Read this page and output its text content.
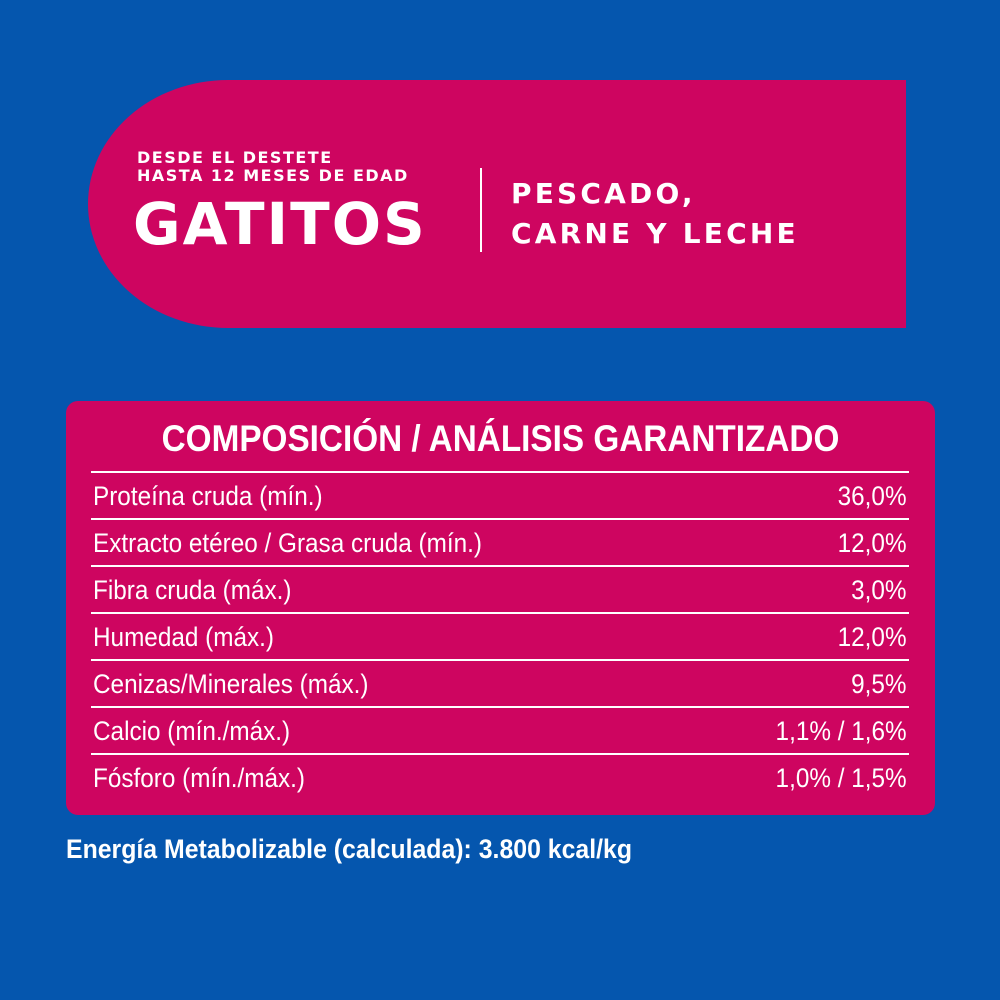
DESDE EL DESTETE
HASTA 12 MESES DE EDAD
GATITOS	PESCADO,
CARNE Y LECHE
COMPOSICIÓN / ANÁLISIS GARANTIZADO
Proteína cruda (mín.)	36,0%
Extracto etéreo / Grasa cruda (mín.)	12,0%
Fibra cruda (máx.)	3,0%
Humedad (máx.)	12,0%
Cenizas/Minerales (máx.)	9,5%
Calcio (mín./máx.)	1,1% / 1,6%
Fósforo (mín./máx.)	1,0% / 1,5%
Energía Metabolizable (calculada): 3.800 kcal/kg
